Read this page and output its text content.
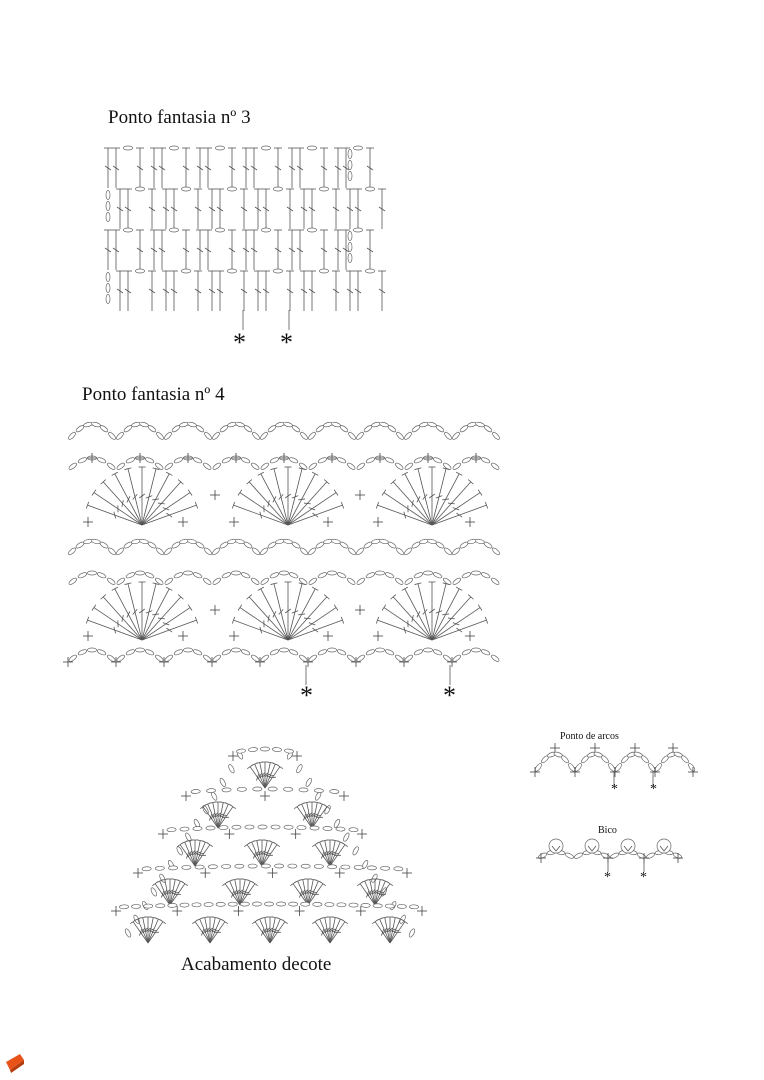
Ponto fantasia nº 3
* *
Ponto fantasia nº 4
*	*
Ponto de arcos
* *
Bico
* *
Acabamento decote
